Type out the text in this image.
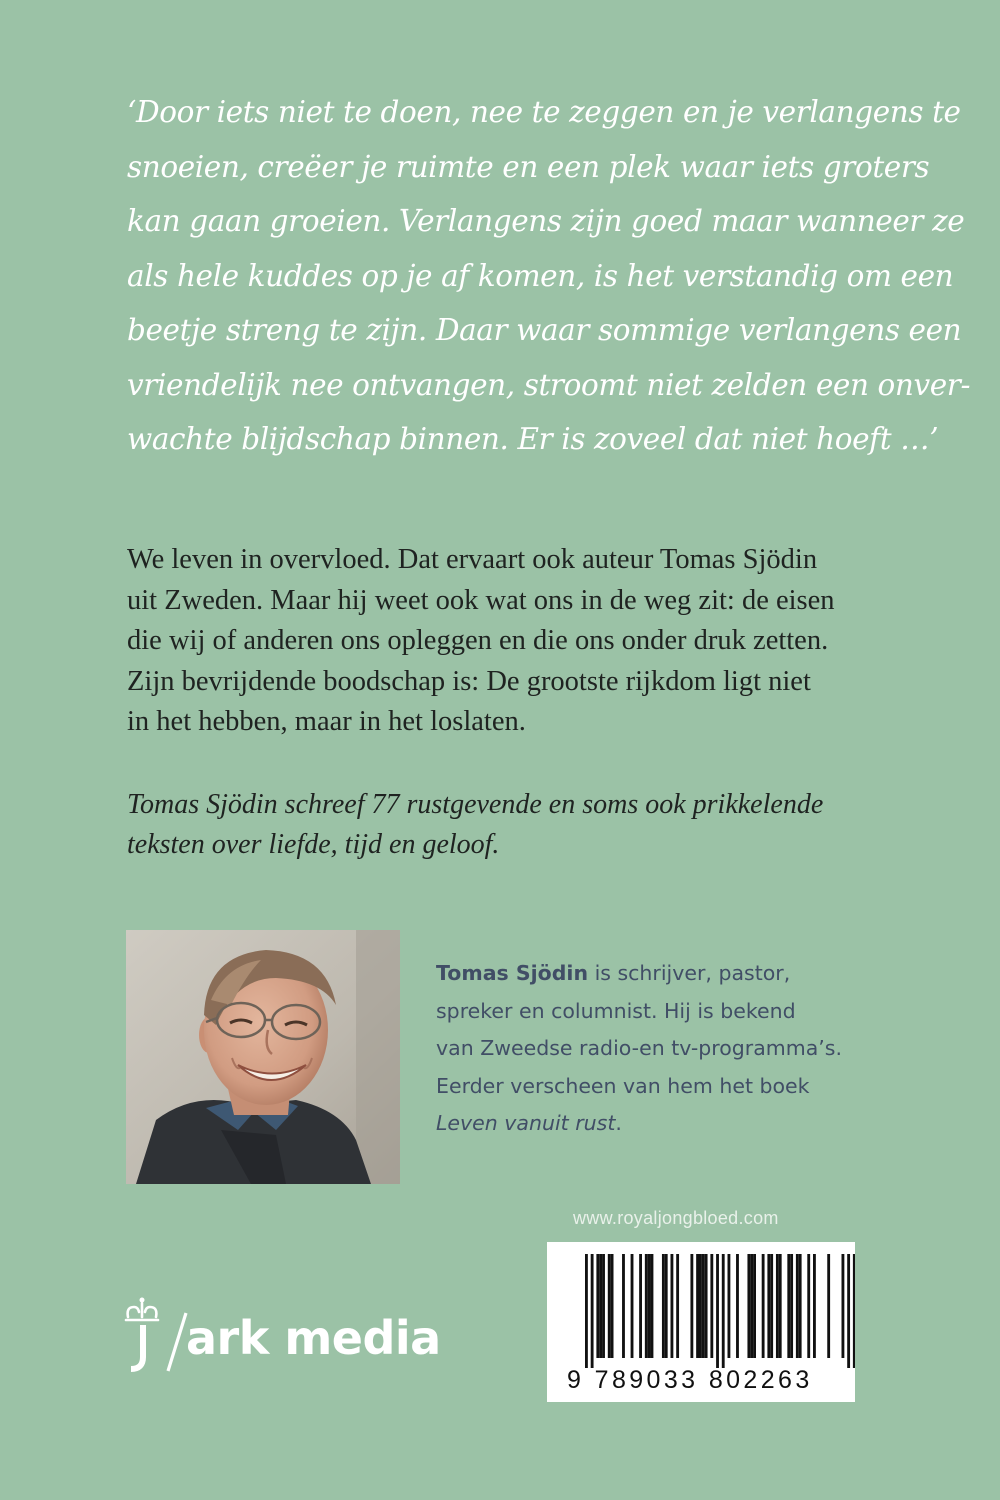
‘Door iets niet te doen, nee te zeggen en je verlangens te
snoeien, creëer je ruimte en een plek waar iets groters
kan gaan groeien. Verlangens zijn goed maar wanneer ze
als hele kuddes op je af komen, is het verstandig om een
beetje streng te zijn. Daar waar sommige verlangens een
vriendelijk nee ontvangen, stroomt niet zelden een onver-
wachte blijdschap binnen. Er is zoveel dat niet hoeft …’
We leven in overvloed. Dat ervaart ook auteur Tomas Sjödin
uit Zweden. Maar hij weet ook wat ons in de weg zit: de eisen
die wij of anderen ons opleggen en die ons onder druk zetten.
Zijn bevrijdende boodschap is: De grootste rijkdom ligt niet
in het hebben, maar in het loslaten.
Tomas Sjödin schreef 77 rustgevende en soms ook prikkelende
teksten over liefde, tijd en geloof.
Tomas Sjödin is schrijver, pastor,
spreker en columnist. Hij is bekend
van Zweedse radio-en tv-programma’s.
Eerder verscheen van hem het boek
Leven vanuit rust.
www.royaljongbloed.com
9 789033 802263
ark media
